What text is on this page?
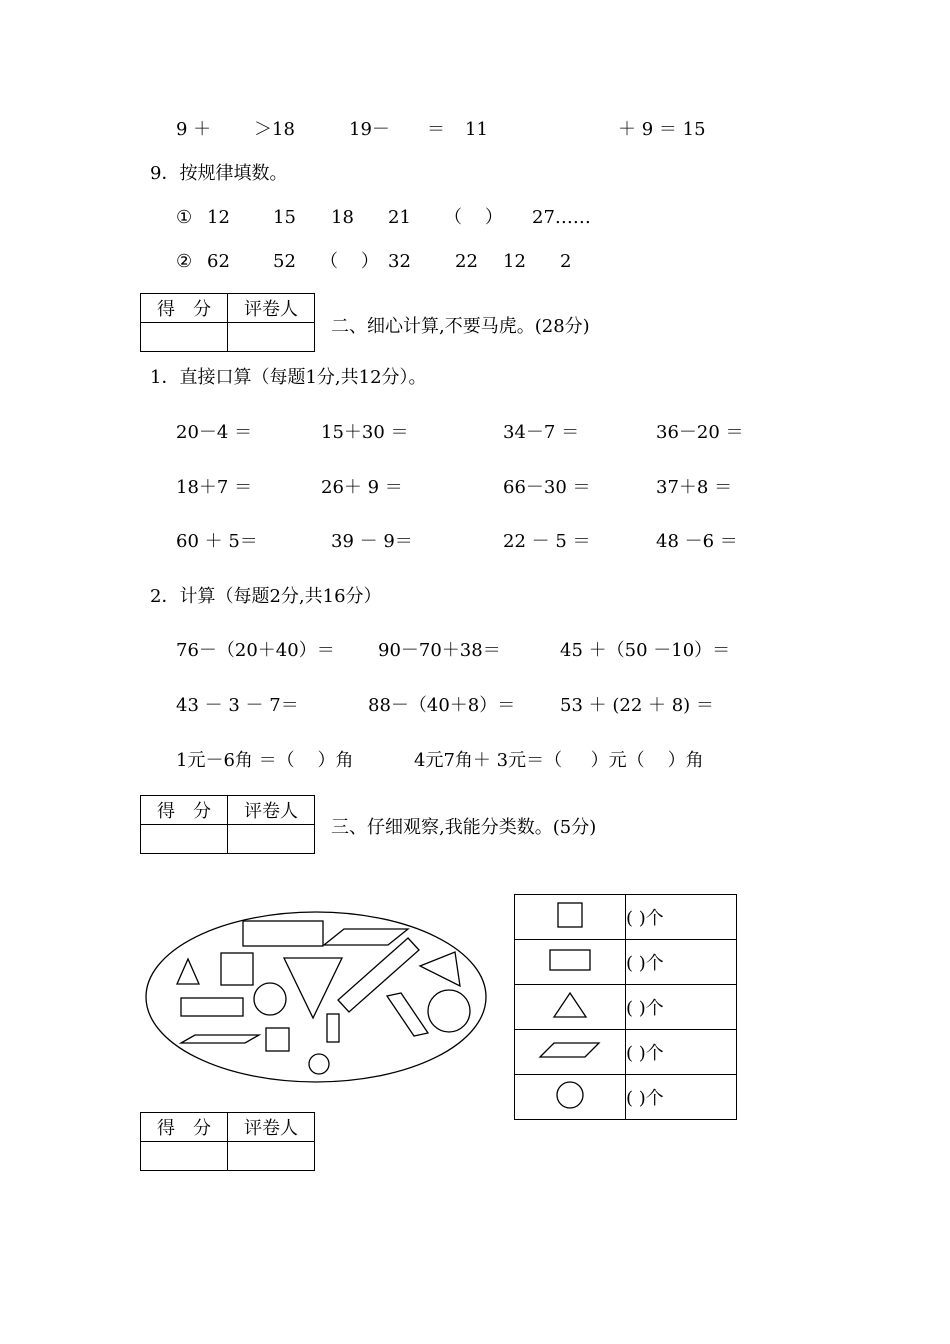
9 ＋ ＞18	19－ ＝ 11	＋ 9 ＝ 15
9．按规律填数。
① 12 15 18 21 （    ） 27……
② 62 52 （    ） 32 22 12 2
得　分	评卷人

二、细心计算,不要马虎。(28分)
1．直接口算（每题1分,共12分）。
20－4 ＝	15＋30 ＝	34－7 ＝	36－20 ＝
18＋7 ＝	26＋ 9 ＝	66－30 ＝	37＋8 ＝
60 ＋ 5＝	39 － 9＝	22 － 5 ＝	48 －6 ＝
2．计算（每题2分,共16分）
76－（20＋40）＝ 90－70＋38＝	45 ＋（50 －10）＝
43 － 3 － 7＝	88－（40＋8）＝ 53 ＋ (22 ＋ 8) ＝
1元－6角 ＝（    ）角	4元7角＋ 3元＝（     ）元（    ）角
得　分	评卷人

三、仔细观察,我能分类数。(5分)
	( )个
	( )个
	( )个
	( )个
	( )个
得　分	评卷人
